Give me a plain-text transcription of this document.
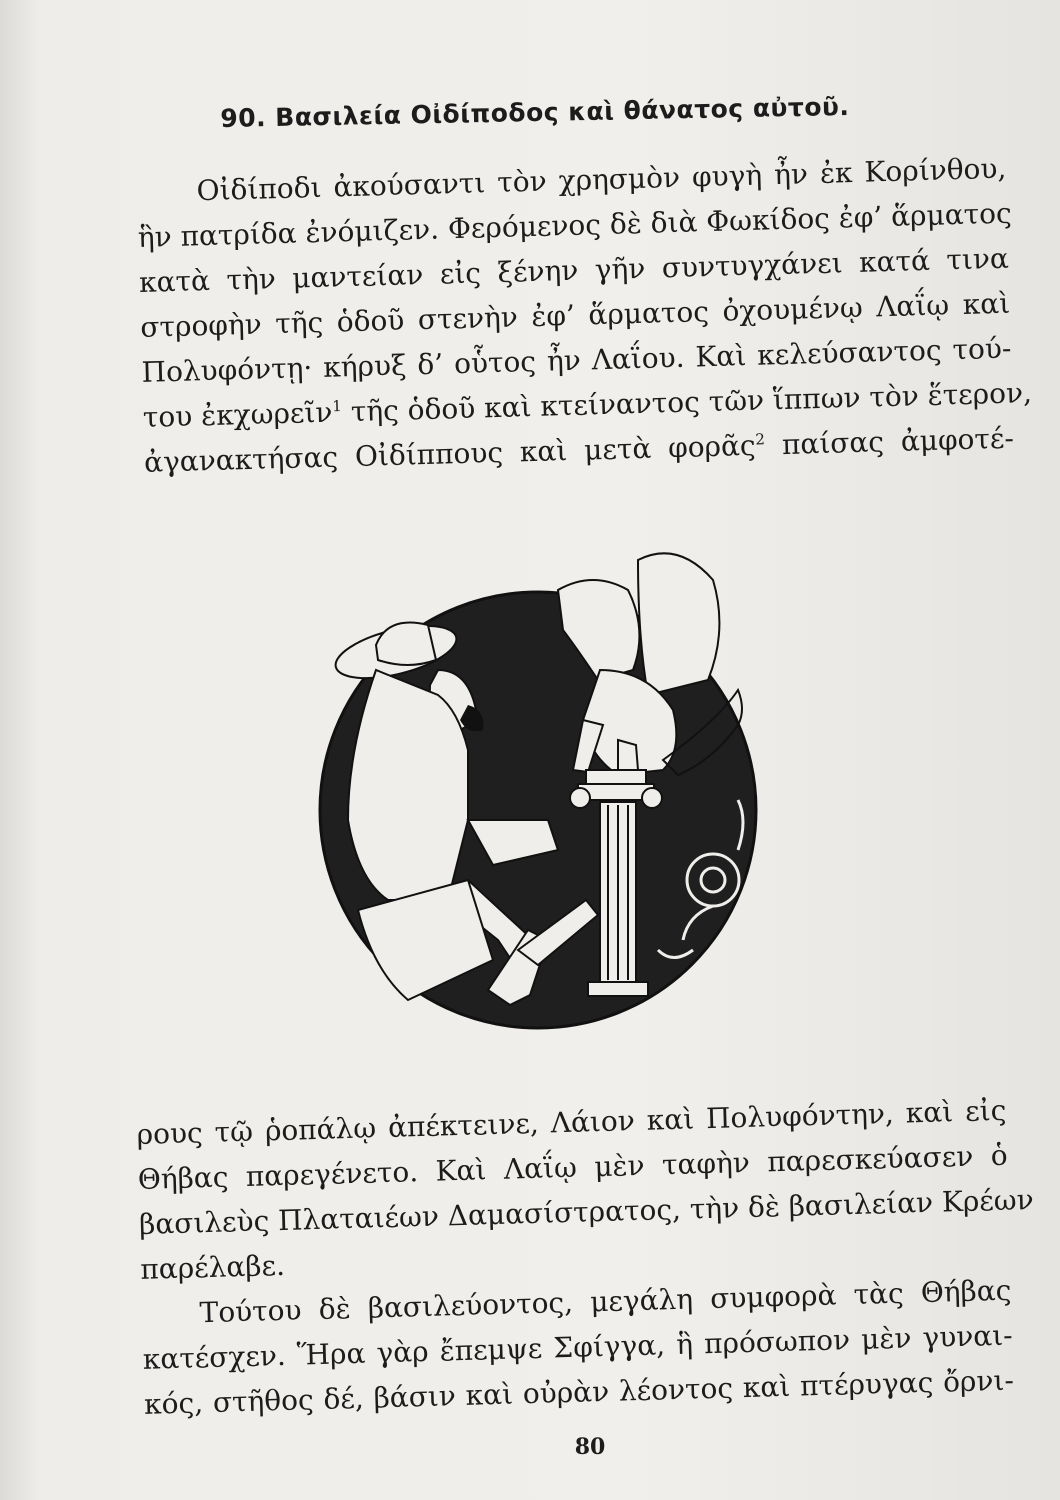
90. Βασιλεία Οἰδίποδος καὶ θάνατος αὐτοῦ.
Οἰδίποδι ἀκούσαντι τὸν χρησμὸν φυγὴ ἦν ἐκ Κορίνθου,
ἣν πατρίδα ἐνόμιζεν. Φερόμενος δὲ διὰ Φωκίδος ἐφ’ ἅρματος
κατὰ τὴν μαντείαν εἰς ξένην γῆν συντυγχάνει κατά τινα
στροφὴν τῆς ὁδοῦ στενὴν ἐφ’ ἅρματος ὀχουμένῳ Λαΐῳ καὶ
Πολυφόντῃ· κήρυξ δ’ οὗτος ἦν Λαΐου. Καὶ κελεύσαντος τού-
του ἐκχωρεῖν$^1$ τῆς ὁδοῦ καὶ κτείναντος τῶν ἵππων τὸν ἕτερον,
ἀγανακτήσας Οἰδίππους καὶ μετὰ φορᾶς$^2$ παίσας ἀμφοτέ-
ρους τῷ ῥοπάλῳ ἀπέκτεινε, Λάιον καὶ Πολυφόντην, καὶ εἰς
Θήβας παρεγένετο. Καὶ Λαΐῳ μὲν ταφὴν παρεσκεύασεν ὁ
βασιλεὺς Πλαταιέων Δαμασίστρατος, τὴν δὲ βασιλείαν Κρέων
παρέλαβε.
Τούτου δὲ βασιλεύοντος, μεγάλη συμφορὰ τὰς Θήβας
κατέσχεν. Ἥρα γὰρ ἔπεμψε Σφίγγα, ἣ πρόσωπον μὲν γυναι-
κός, στῆθος δέ, βάσιν καὶ οὐρὰν λέοντος καὶ πτέρυγας ὄρνι-
80
